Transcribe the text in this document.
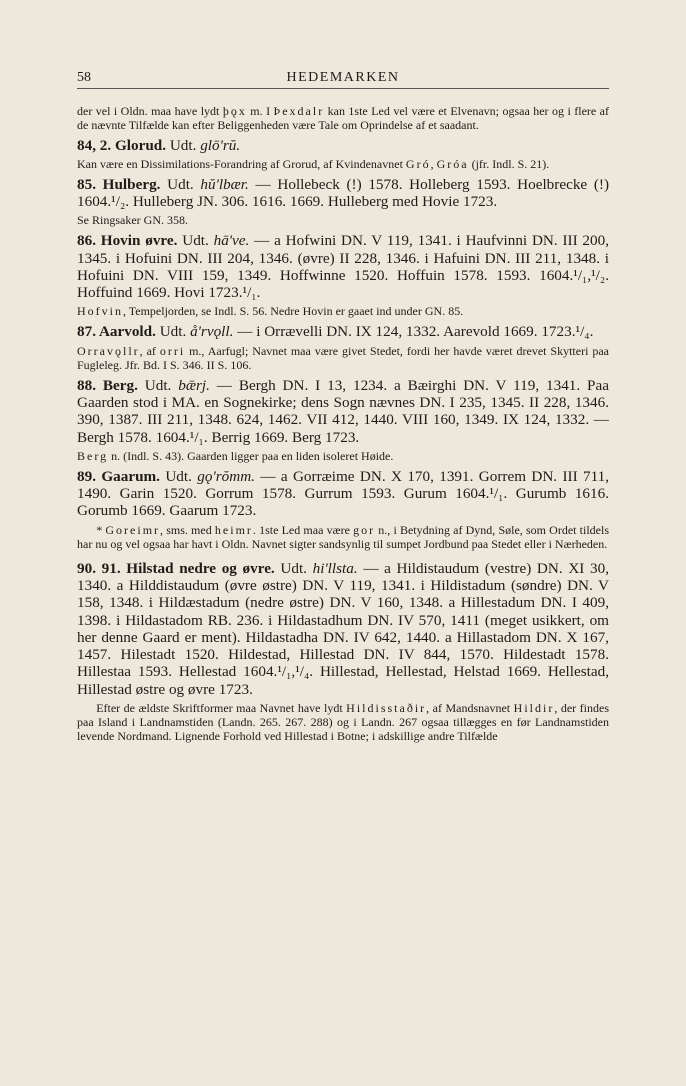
58	HEDEMARKEN

der vel i Oldn. maa have lydt þǫx m. I Þexdalr kan 1ste Led vel være et Elvenavn; ogsaa her og i flere af de nævnte Tilfælde kan efter Beliggenheden være Tale om Oprindelse af et saadant.

84, 2. Glorud. Udt. glō'rŭ.

Kan være en Dissimilations-Forandring af Grorud, af Kvindenavnet Gró, Gróa (jfr. Indl. S. 21).

85. Hulberg. Udt. hŭ'lbær. — Hollebeck (!) 1578. Holleberg 1593. Hoelbrecke (!) 1604.¹/₂. Hulleberg JN. 306. 1616. 1669. Hulleberg med Hovie 1723.

Se Ringsaker GN. 358.

86. Hovin øvre. Udt. hā've. — a Hofwini DN. V 119, 1341. i Haufvinni DN. III 200, 1345. i Hofuini DN. III 204, 1346. (øvre) II 228, 1346. i Hafuini DN. III 211, 1348. i Hofuini DN. VIII 159, 1349. Hoffwinne 1520. Hoffuin 1578. 1593. 1604.¹/₁,¹/₂. Hoffuind 1669. Hovi 1723.¹/₁.

Hofvin, Tempeljorden, se Indl. S. 56. Nedre Hovin er gaaet ind under GN. 85.

87. Aarvold. Udt. å'rvǫll. — i Orrævelli DN. IX 124, 1332. Aarevold 1669. 1723.¹/₄.

Orravǫllr, af orri m., Aarfugl; Navnet maa være givet Stedet, fordi her havde været drevet Skytteri paa Fugleleg. Jfr. Bd. I S. 346. II S. 106.

88. Berg. Udt. bǣrj. — Bergh DN. I 13, 1234. a Bæirghi DN. V 119, 1341. Paa Gaarden stod i MA. en Sognekirke; dens Sogn nævnes DN. I 235, 1345. II 228, 1346. 390, 1387. III 211, 1348. 624, 1462. VII 412, 1440. VIII 160, 1349. IX 124, 1332. — Bergh 1578. 1604.¹/₁. Berrig 1669. Berg 1723.

Berg n. (Indl. S. 43). Gaarden ligger paa en liden isoleret Høide.

89. Gaarum. Udt. gǫ'rŏmm. — a Gorræime DN. X 170, 1391. Gorrem DN. III 711, 1490. Garin 1520. Gorrum 1578. Gurrum 1593. Gurum 1604.¹/₁. Gurumb 1616. Gorumb 1669. Gaarum 1723.

* Goreimr, sms. med heimr. 1ste Led maa være gor n., i Betydning af Dynd, Søle, som Ordet tildels har nu og vel ogsaa har havt i Oldn. Navnet sigter sandsynlig til sumpet Jordbund paa Stedet eller i Nærheden.

90. 91. Hilstad nedre og øvre. Udt. hi'llsta. — a Hildistaudum (vestre) DN. XI 30, 1340. a Hilddistaudum (øvre østre) DN. V 119, 1341. i Hildistadum (søndre) DN. V 158, 1348. i Hildæstadum (nedre østre) DN. V 160, 1348. a Hillestadum DN. I 409, 1398. i Hildastadom RB. 236. i Hildastadhum DN. IV 570, 1411 (meget usikkert, om her denne Gaard er ment). Hildastadha DN. IV 642, 1440. a Hillastadom DN. X 167, 1457. Hilestadt 1520. Hildestad, Hillestad DN. IV 844, 1570. Hildestadt 1578. Hillestaa 1593. Hellestad 1604.¹/₁,¹/₄. Hillestad, Hellestad, Helstad 1669. Hellestad, Hillestad østre og øvre 1723.

Efter de ældste Skriftformer maa Navnet have lydt Hildisstaðir, af Mandsnavnet Hildir, der findes paa Island i Landnamstiden (Landn. 265. 267. 288) og i Landn. 267 ogsaa tillægges en før Landnamstiden levende Nordmand. Lignende Forhold ved Hillestad i Botne; i adskillige andre Tilfælde
